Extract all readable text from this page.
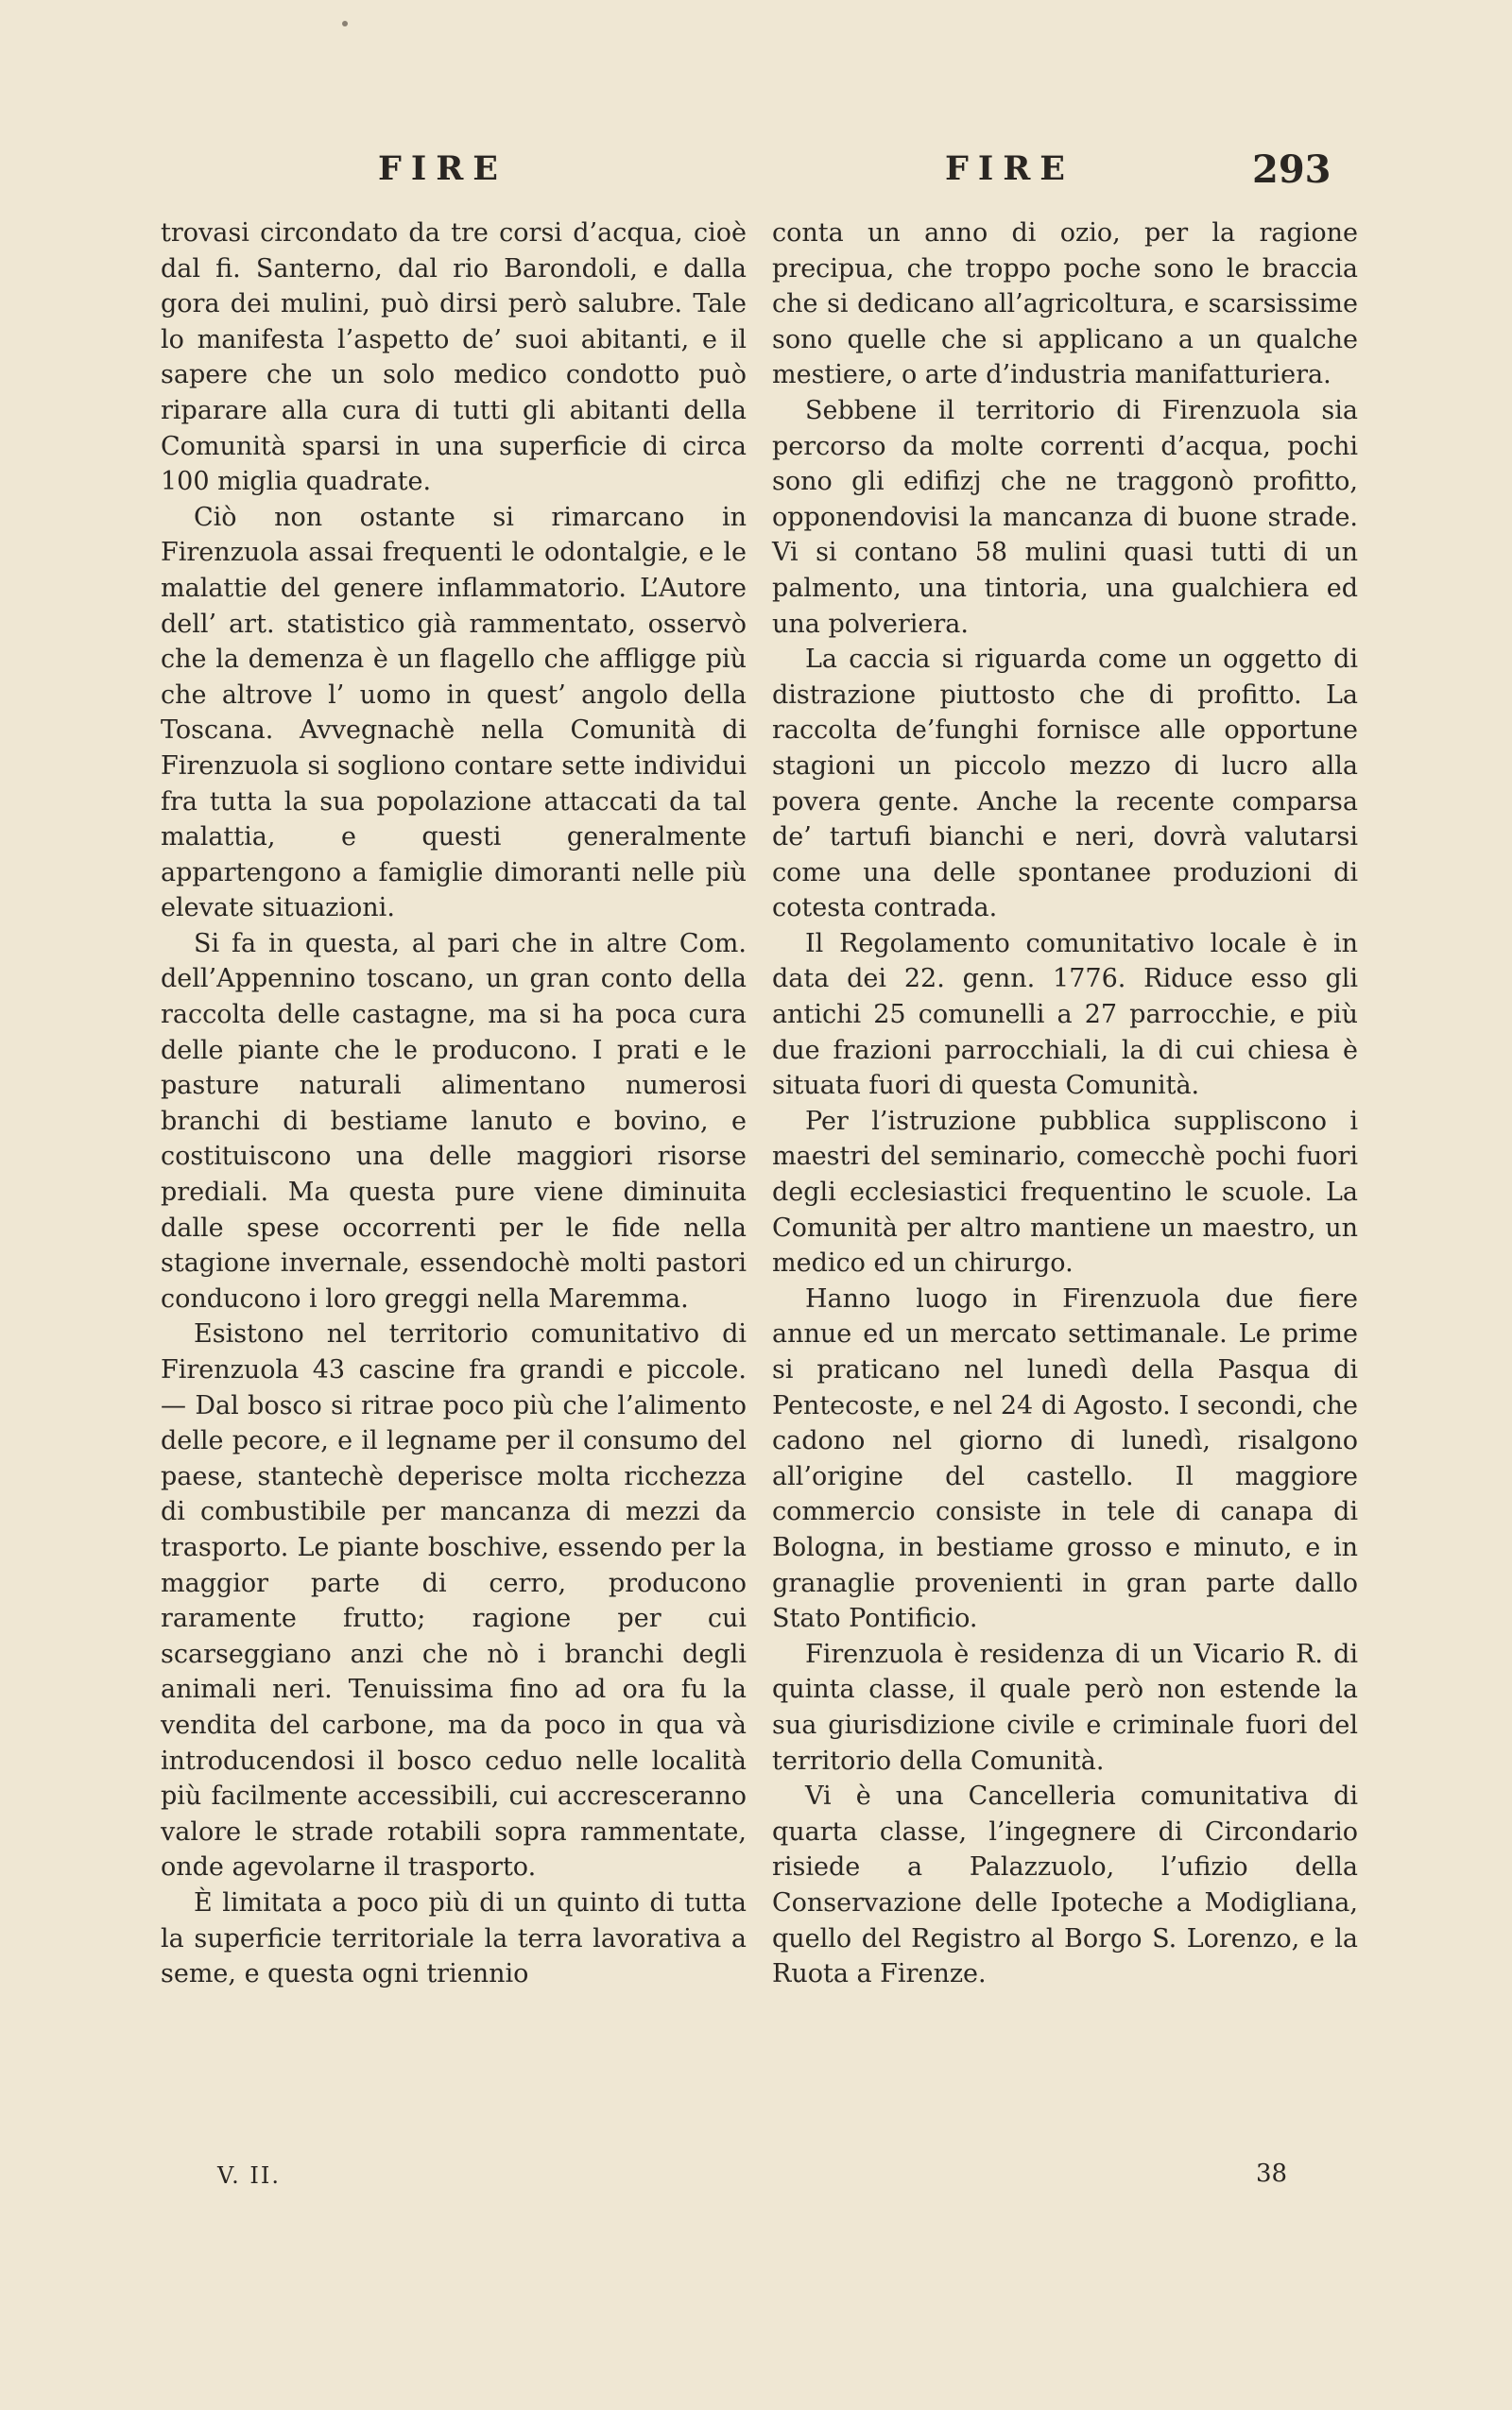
FIRE	FIRE	293

trovasi circondato da tre corsi d’acqua, cioè dal fi. Santerno, dal rio Barondoli, e dalla gora dei mulini, può dirsi però salubre. Tale lo manifesta l’aspetto de’ suoi abitanti, e il sapere che un solo medico condotto può riparare alla cura di tutti gli abitanti della Comunità sparsi in una superficie di circa 100 miglia quadrate.

Ciò non ostante si rimarcano in Firenzuola assai frequenti le odontalgie, e le malattie del genere inflammatorio. L’Autore dell’ art. statistico già rammentato, osservò che la demenza è un flagello che affligge più che altrove l’ uomo in quest’ angolo della Toscana. Avvegnachè nella Comunità di Firenzuola si sogliono contare sette individui fra tutta la sua popolazione attaccati da tal malattia, e questi generalmente appartengono a famiglie dimoranti nelle più elevate situazioni.

Si fa in questa, al pari che in altre Com. dell’Appennino toscano, un gran conto della raccolta delle castagne, ma si ha poca cura delle piante che le producono. I prati e le pasture naturali alimentano numerosi branchi di bestiame lanuto e bovino, e costituiscono una delle maggiori risorse prediali. Ma questa pure viene diminuita dalle spese occorrenti per le fide nella stagione invernale, essendochè molti pastori conducono i loro greggi nella Maremma.

Esistono nel territorio comunitativo di Firenzuola 43 cascine fra grandi e piccole. — Dal bosco si ritrae poco più che l’alimento delle pecore, e il legname per il consumo del paese, stantechè deperisce molta ricchezza di combustibile per mancanza di mezzi da trasporto. Le piante boschive, essendo per la maggior parte di cerro, producono raramente frutto; ragione per cui scarseggiano anzi che nò i branchi degli animali neri. Tenuissima fino ad ora fu la vendita del carbone, ma da poco in qua và introducendosi il bosco ceduo nelle località più facilmente accessibili, cui accresceranno valore le strade rotabili sopra rammentate, onde agevolarne il trasporto.

È limitata a poco più di un quinto di tutta la superficie territoriale la terra lavorativa a seme, e questa ogni triennio

conta un anno di ozio, per la ragione precipua, che troppo poche sono le braccia che si dedicano all’agricoltura, e scarsissime sono quelle che si applicano a un qualche mestiere, o arte d’industria manifatturiera.

Sebbene il territorio di Firenzuola sia percorso da molte correnti d’acqua, pochi sono gli edifizj che ne traggonò profitto, opponendovisi la mancanza di buone strade. Vi si contano 58 mulini quasi tutti di un palmento, una tintoria, una gualchiera ed una polveriera.

La caccia si riguarda come un oggetto di distrazione piuttosto che di profitto. La raccolta de’funghi fornisce alle opportune stagioni un piccolo mezzo di lucro alla povera gente. Anche la recente comparsa de’ tartufi bianchi e neri, dovrà valutarsi come una delle spontanee produzioni di cotesta contrada.

Il Regolamento comunitativo locale è in data dei 22. genn. 1776. Riduce esso gli antichi 25 comunelli a 27 parrocchie, e più due frazioni parrocchiali, la di cui chiesa è situata fuori di questa Comunità.

Per l’istruzione pubblica suppliscono i maestri del seminario, comecchè pochi fuori degli ecclesiastici frequentino le scuole. La Comunità per altro mantiene un maestro, un medico ed un chirurgo.

Hanno luogo in Firenzuola due fiere annue ed un mercato settimanale. Le prime si praticano nel lunedì della Pasqua di Pentecoste, e nel 24 di Agosto. I secondi, che cadono nel giorno di lunedì, risalgono all’origine del castello. Il maggiore commercio consiste in tele di canapa di Bologna, in bestiame grosso e minuto, e in granaglie provenienti in gran parte dallo Stato Pontificio.

Firenzuola è residenza di un Vicario R. di quinta classe, il quale però non estende la sua giurisdizione civile e criminale fuori del territorio della Comunità.

Vi è una Cancelleria comunitativa di quarta classe, l’ingegnere di Circondario risiede a Palazzuolo, l’ufizio della Conservazione delle Ipoteche a Modigliana, quello del Registro al Borgo S. Lorenzo, e la Ruota a Firenze.

V. II.	38
